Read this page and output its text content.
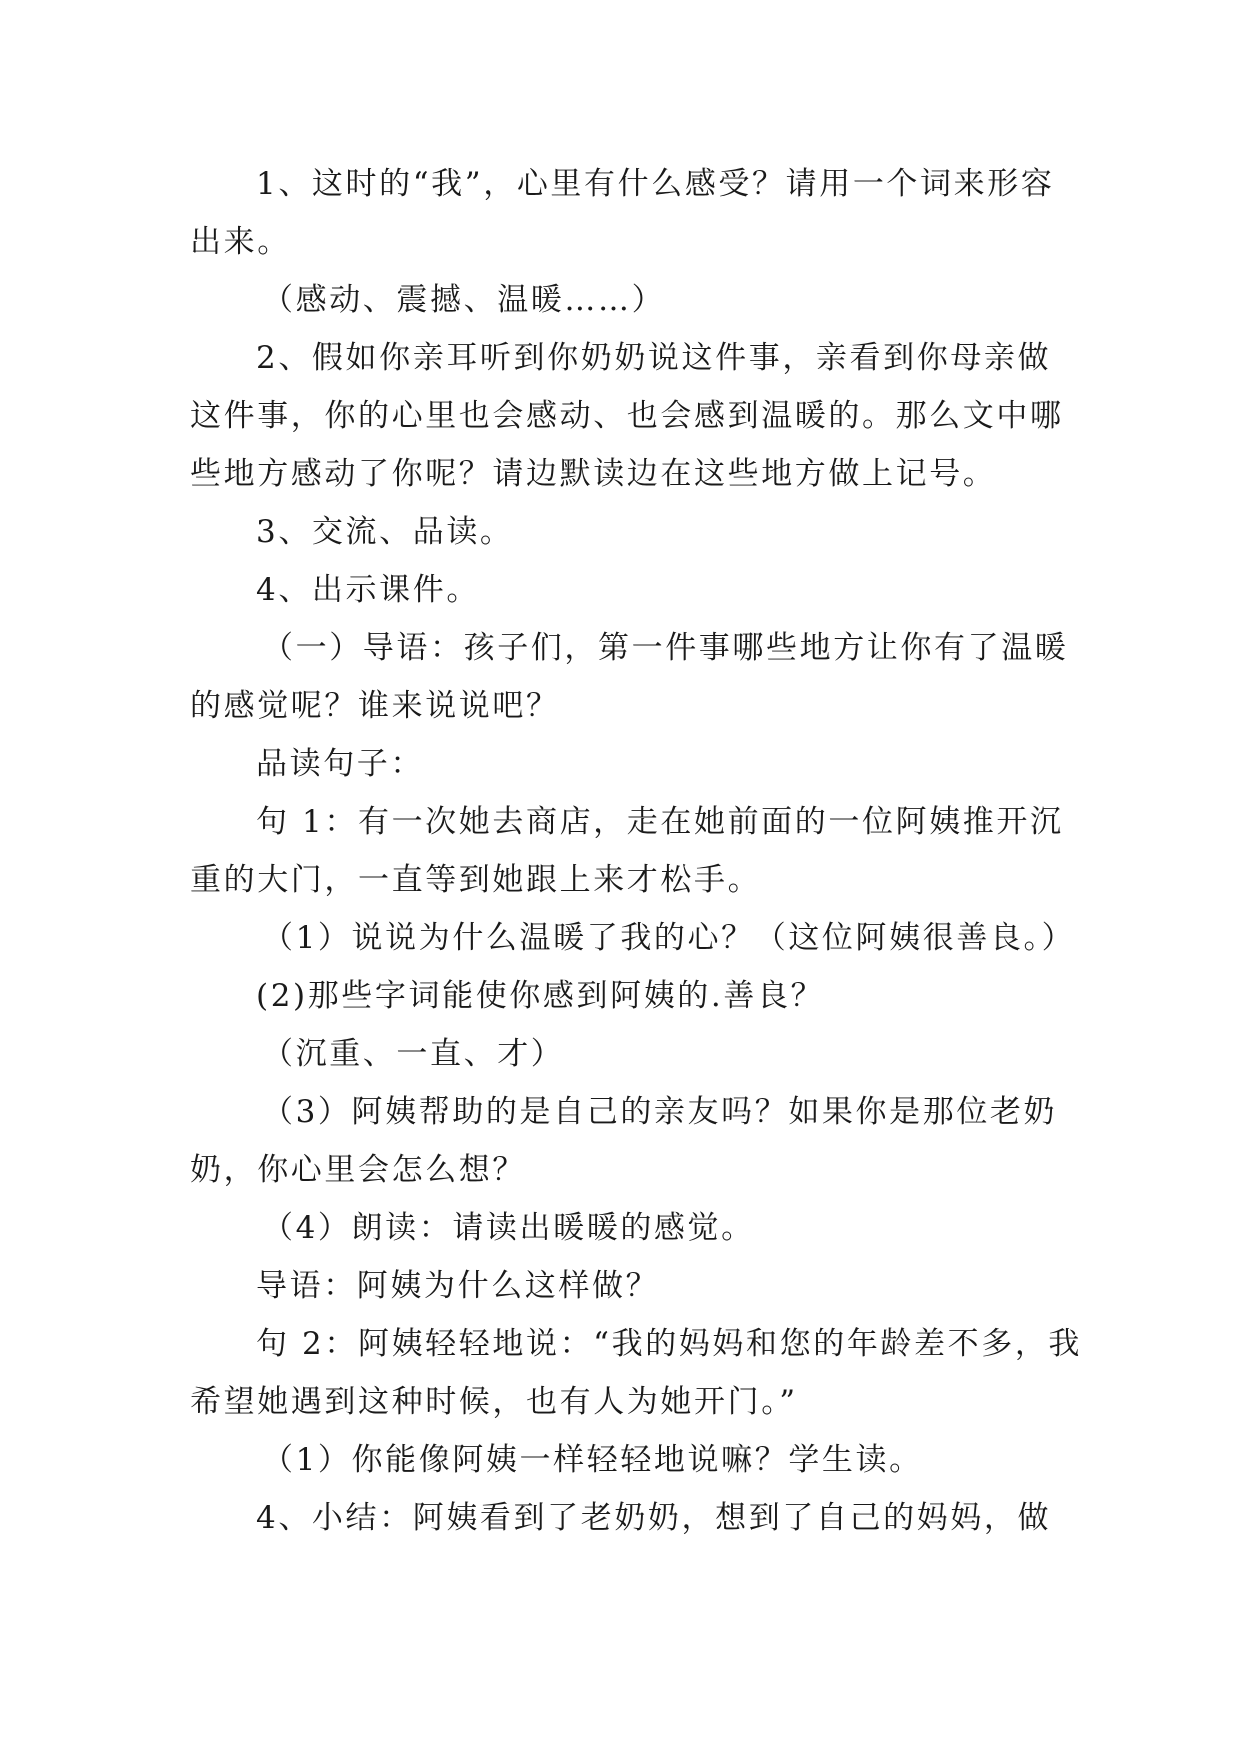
1、这时的“我”，心里有什么感受？请用一个词来形容
出来。
（感动、震撼、温暖……）
2、假如你亲耳听到你奶奶说这件事，亲看到你母亲做
这件事，你的心里也会感动、也会感到温暖的。那么文中哪
些地方感动了你呢？请边默读边在这些地方做上记号。
3、交流、品读。
4、出示课件。
（一）导语：孩子们，第一件事哪些地方让你有了温暖
的感觉呢？谁来说说吧？
品读句子：
句 1：有一次她去商店，走在她前面的一位阿姨推开沉
重的大门，一直等到她跟上来才松手。
（1）说说为什么温暖了我的心？（这位阿姨很善良。）
(2)那些字词能使你感到阿姨的.善良？
（沉重、一直、才）
（3）阿姨帮助的是自己的亲友吗？如果你是那位老奶
奶，你心里会怎么想？
（4）朗读：请读出暖暖的感觉。
导语：阿姨为什么这样做？
句 2：阿姨轻轻地说：“我的妈妈和您的年龄差不多，我
希望她遇到这种时候，也有人为她开门。”
（1）你能像阿姨一样轻轻地说嘛？学生读。
4、小结：阿姨看到了老奶奶，想到了自己的妈妈，做
